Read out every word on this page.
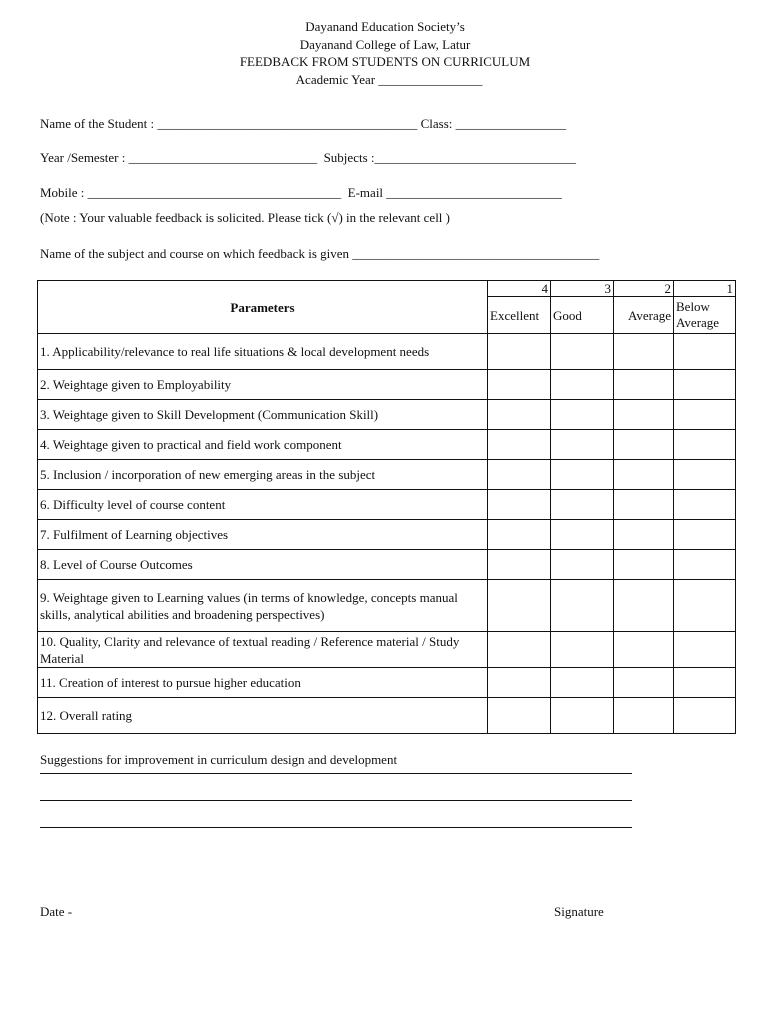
Dayanand Education Society’s
Dayanand College of Law, Latur
FEEDBACK FROM STUDENTS ON CURRICULUM
Academic Year ________________
Name of the Student : ________________________________________ Class: _________________
Year /Semester : _____________________________  Subjects :_______________________________
Mobile : _______________________________________  E-mail ___________________________
(Note : Your valuable feedback is solicited. Please tick (√) in the relevant cell )
Name of the subject and course on which feedback is given ______________________________________
Parameters	4	3	2	1
	Excellent	Good	Average	Below Average
1. Applicability/relevance to real life situations & local development needs				
2. Weightage given to Employability				
3. Weightage given to Skill Development (Communication Skill)				
4. Weightage given to practical and field work component				
5. Inclusion / incorporation of new emerging areas in the subject				
6. Difficulty level of course content				
7. Fulfilment of Learning objectives				
8. Level of Course Outcomes				
9. Weightage given to Learning values (in terms of knowledge, concepts manual skills, analytical abilities and broadening perspectives)				
10. Quality, Clarity and relevance of textual reading / Reference material / Study Material				
11. Creation of interest to pursue higher education				
12. Overall rating				
Suggestions for improvement in curriculum design and development
Date -	Signature
